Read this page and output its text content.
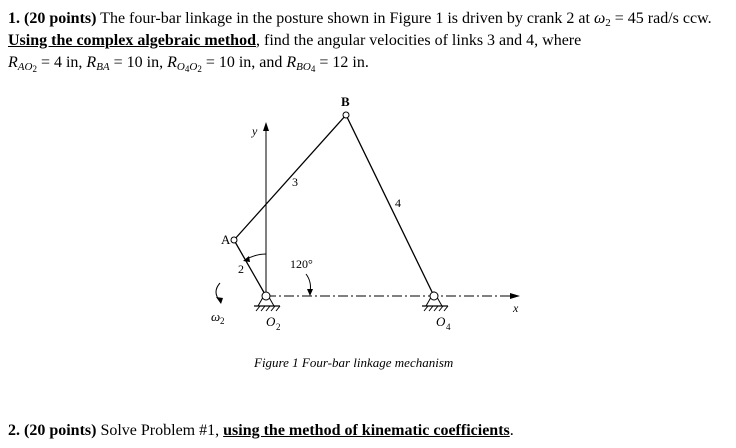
1. (20 points) The four-bar linkage in the posture shown in Figure 1 is driven by crank 2 at $\omega_2 = 45$ rad/s ccw. Using the complex algebraic method, find the angular velocities of links 3 and 4, where
$R_{AO_2} = 4$ in, $R_{BA} = 10$ in, $R_{O_4O_2} = 10$ in, and $R_{BO_4} = 12$ in.
y
x
120°
ω 2
B
A
3
4
2
O 2	O 4
Figure 1 Four-bar linkage mechanism
2. (20 points) Solve Problem #1, using the method of kinematic coefficients.
